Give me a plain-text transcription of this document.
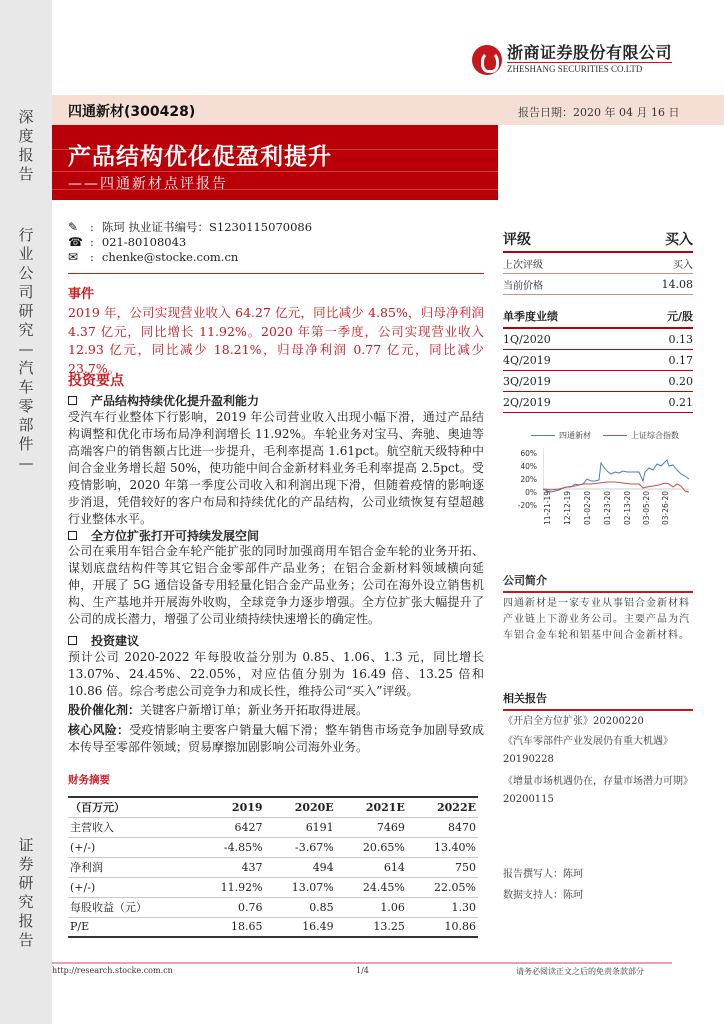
深度报告
行业公司研究—汽车零部件—
证券研究报告
浙商证券股份有限公司
ZHESHANG SECURITIES CO.LTD
四通新材(300428)	报告日期：2020 年 04 月 16 日
产品结构优化促盈利提升
——四通新材点评报告
✎	: 陈珂 执业证书编号：S1230115070086
☎ : 021-80108043
✉	: chenke@stocke.com.cn
事件
2019 年，公司实现营业收入 64.27 亿元，同比减少 4.85%，归母净利润 4.37 亿元，同比增长 11.92%。2020 年第一季度，公司实现营业收入 12.93 亿元，同比减少 18.21%，归母净利润 0.77 亿元，同比减少 23.7%。
投资要点
产品结构持续优化提升盈利能力
受汽车行业整体下行影响，2019 年公司营业收入出现小幅下滑，通过产品结构调整和优化市场布局净利润增长 11.92%。车轮业务对宝马、奔驰、奥迪等高端客户的销售额占比进一步提升，毛利率提高 1.61pct。航空航天级特种中间合金业务增长超 50%，使功能中间合金新材料业务毛利率提高 2.5pct。受疫情影响，2020 年第一季度公司收入和利润出现下滑，但随着疫情的影响逐步消退，凭借较好的客户布局和持续优化的产品结构，公司业绩恢复有望超越行业整体水平。
全方位扩张打开可持续发展空间
公司在乘用车铝合金车轮产能扩张的同时加强商用车铝合金车轮的业务开拓、谋划底盘结构件等其它铝合金零部件产品业务；在铝合金新材料领域横向延伸，开展了 5G 通信设备专用轻量化铝合金产品业务；公司在海外设立销售机构、生产基地并开展海外收购，全球竞争力逐步增强。全方位扩张大幅提升了公司的成长潜力，增强了公司业绩持续快速增长的确定性。
投资建议
预计公司 2020-2022 年每股收益分别为 0.85、1.06、1.3 元，同比增长 13.07%、24.45%、22.05%，对应估值分别为 16.49 倍、13.25 倍和 10.86 倍。综合考虑公司竞争力和成长性，维持公司“买入”评级。
股价催化剂：关键客户新增订单；新业务开拓取得进展。
核心风险：受疫情影响主要客户销量大幅下滑；整车销售市场竞争加剧导致成本传导至零部件领域；贸易摩擦加剧影响公司海外业务。
财务摘要
（百万元）	2019	2020E	2021E	2022E
主营收入	6427	6191	7469	8470
(+/-)	-4.85%	-3.67%	20.65%	13.40%
净利润	437	494	614	750
(+/-)	11.92%	13.07%	24.45%	22.05%
每股收益（元）	0.76	0.85	1.06	1.30
P/E	18.65	16.49	13.25	10.86
评级	买入
上次评级	买入
当前价格	14.08
单季度业绩	元/股
1Q/2020	0.13
4Q/2019	0.17
3Q/2019	0.20
2Q/2019	0.21
四通新材	上证综合指数
60%
40%
20%
0%
-20% 11-21-19 12-12-19 01-02-20 01-23-20 02-13-20 03-05-20 03-26-20
公司简介
四通新材是一家专业从事铝合金新材料产业链上下游业务公司。主要产品为汽车铝合金车轮和铝基中间合金新材料。
相关报告
《开启全方位扩张》20200220
《汽车零部件产业发展仍有重大机遇》20190228
《增量市场机遇仍在，存量市场潜力可期》20200115
报告撰写人：陈珂
数据支持人：陈珂
http://research.stocke.com.cn	1/4	请务必阅读正文之后的免责条款部分
